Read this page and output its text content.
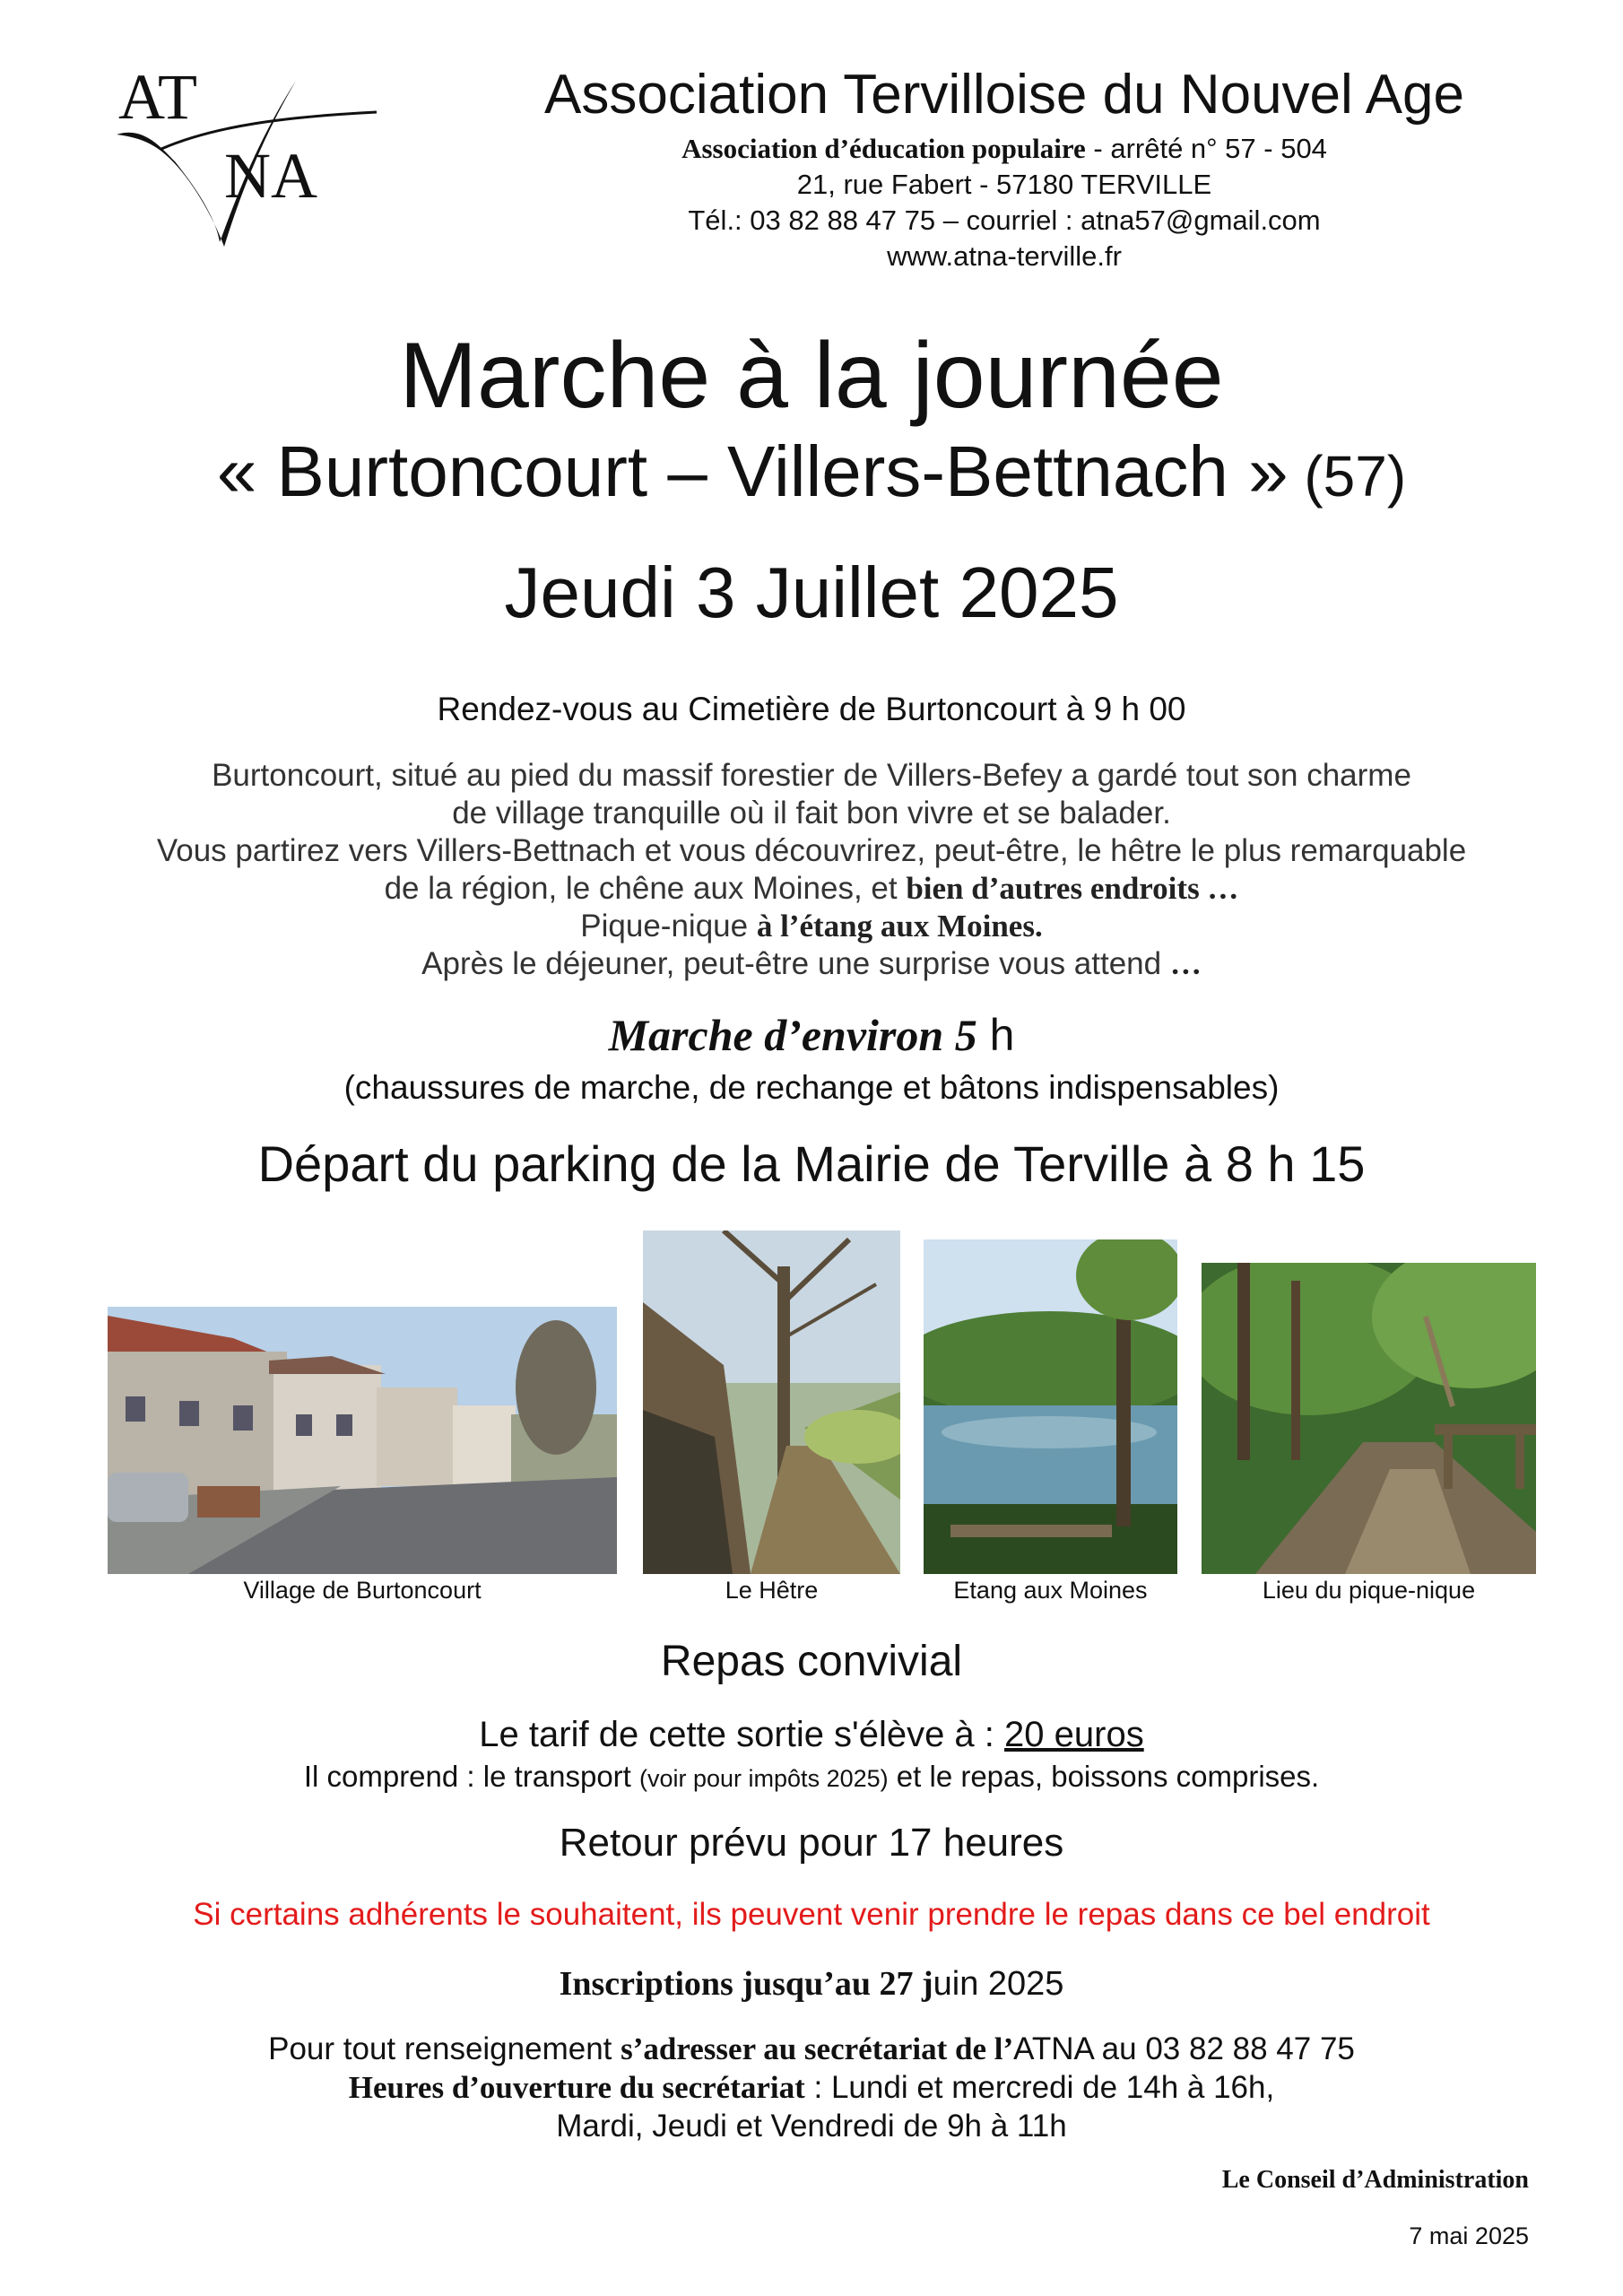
AT
NA
Association Tervilloise du Nouvel Age
Association d’éducation populaire - arrêté n° 57 - 504
21, rue Fabert - 57180 TERVILLE
Tél.: 03 82 88 47 75 – courriel : atna57@gmail.com
www.atna-terville.fr
Marche à la journée
« Burtoncourt – Villers-Bettnach » (57)
Jeudi 3 Juillet 2025
Rendez-vous au Cimetière de Burtoncourt à 9 h 00
Burtoncourt, situé au pied du massif forestier de Villers-Befey a gardé tout son charme
de village tranquille où il fait bon vivre et se balader.
Vous partirez vers Villers-Bettnach et vous découvrirez, peut-être, le hêtre le plus remarquable
de la région, le chêne aux Moines, et bien d’autres endroits …
Pique-nique à l’étang aux Moines.
Après le déjeuner, peut-être une surprise vous attend …
Marche d’environ 5 h
(chaussures de marche, de rechange et bâtons indispensables)
Départ du parking de la Mairie de Terville à 8 h 15
Village de Burtoncourt	Le Hêtre	Etang aux Moines	Lieu du pique-nique
Repas convivial
Le tarif de cette sortie s'élève à : 20 euros
Il comprend : le transport (voir pour impôts 2025) et le repas, boissons comprises.
Retour prévu pour 17 heures
Si certains adhérents le souhaitent, ils peuvent venir prendre le repas dans ce bel endroit
Inscriptions jusqu’au 27 juin 2025
Pour tout renseignement s’adresser au secrétariat de l’ATNA au 03 82 88 47 75
Heures d’ouverture du secrétariat : Lundi et mercredi de 14h à 16h,
Mardi, Jeudi et Vendredi de 9h à 11h
Le Conseil d’Administration
7 mai 2025
